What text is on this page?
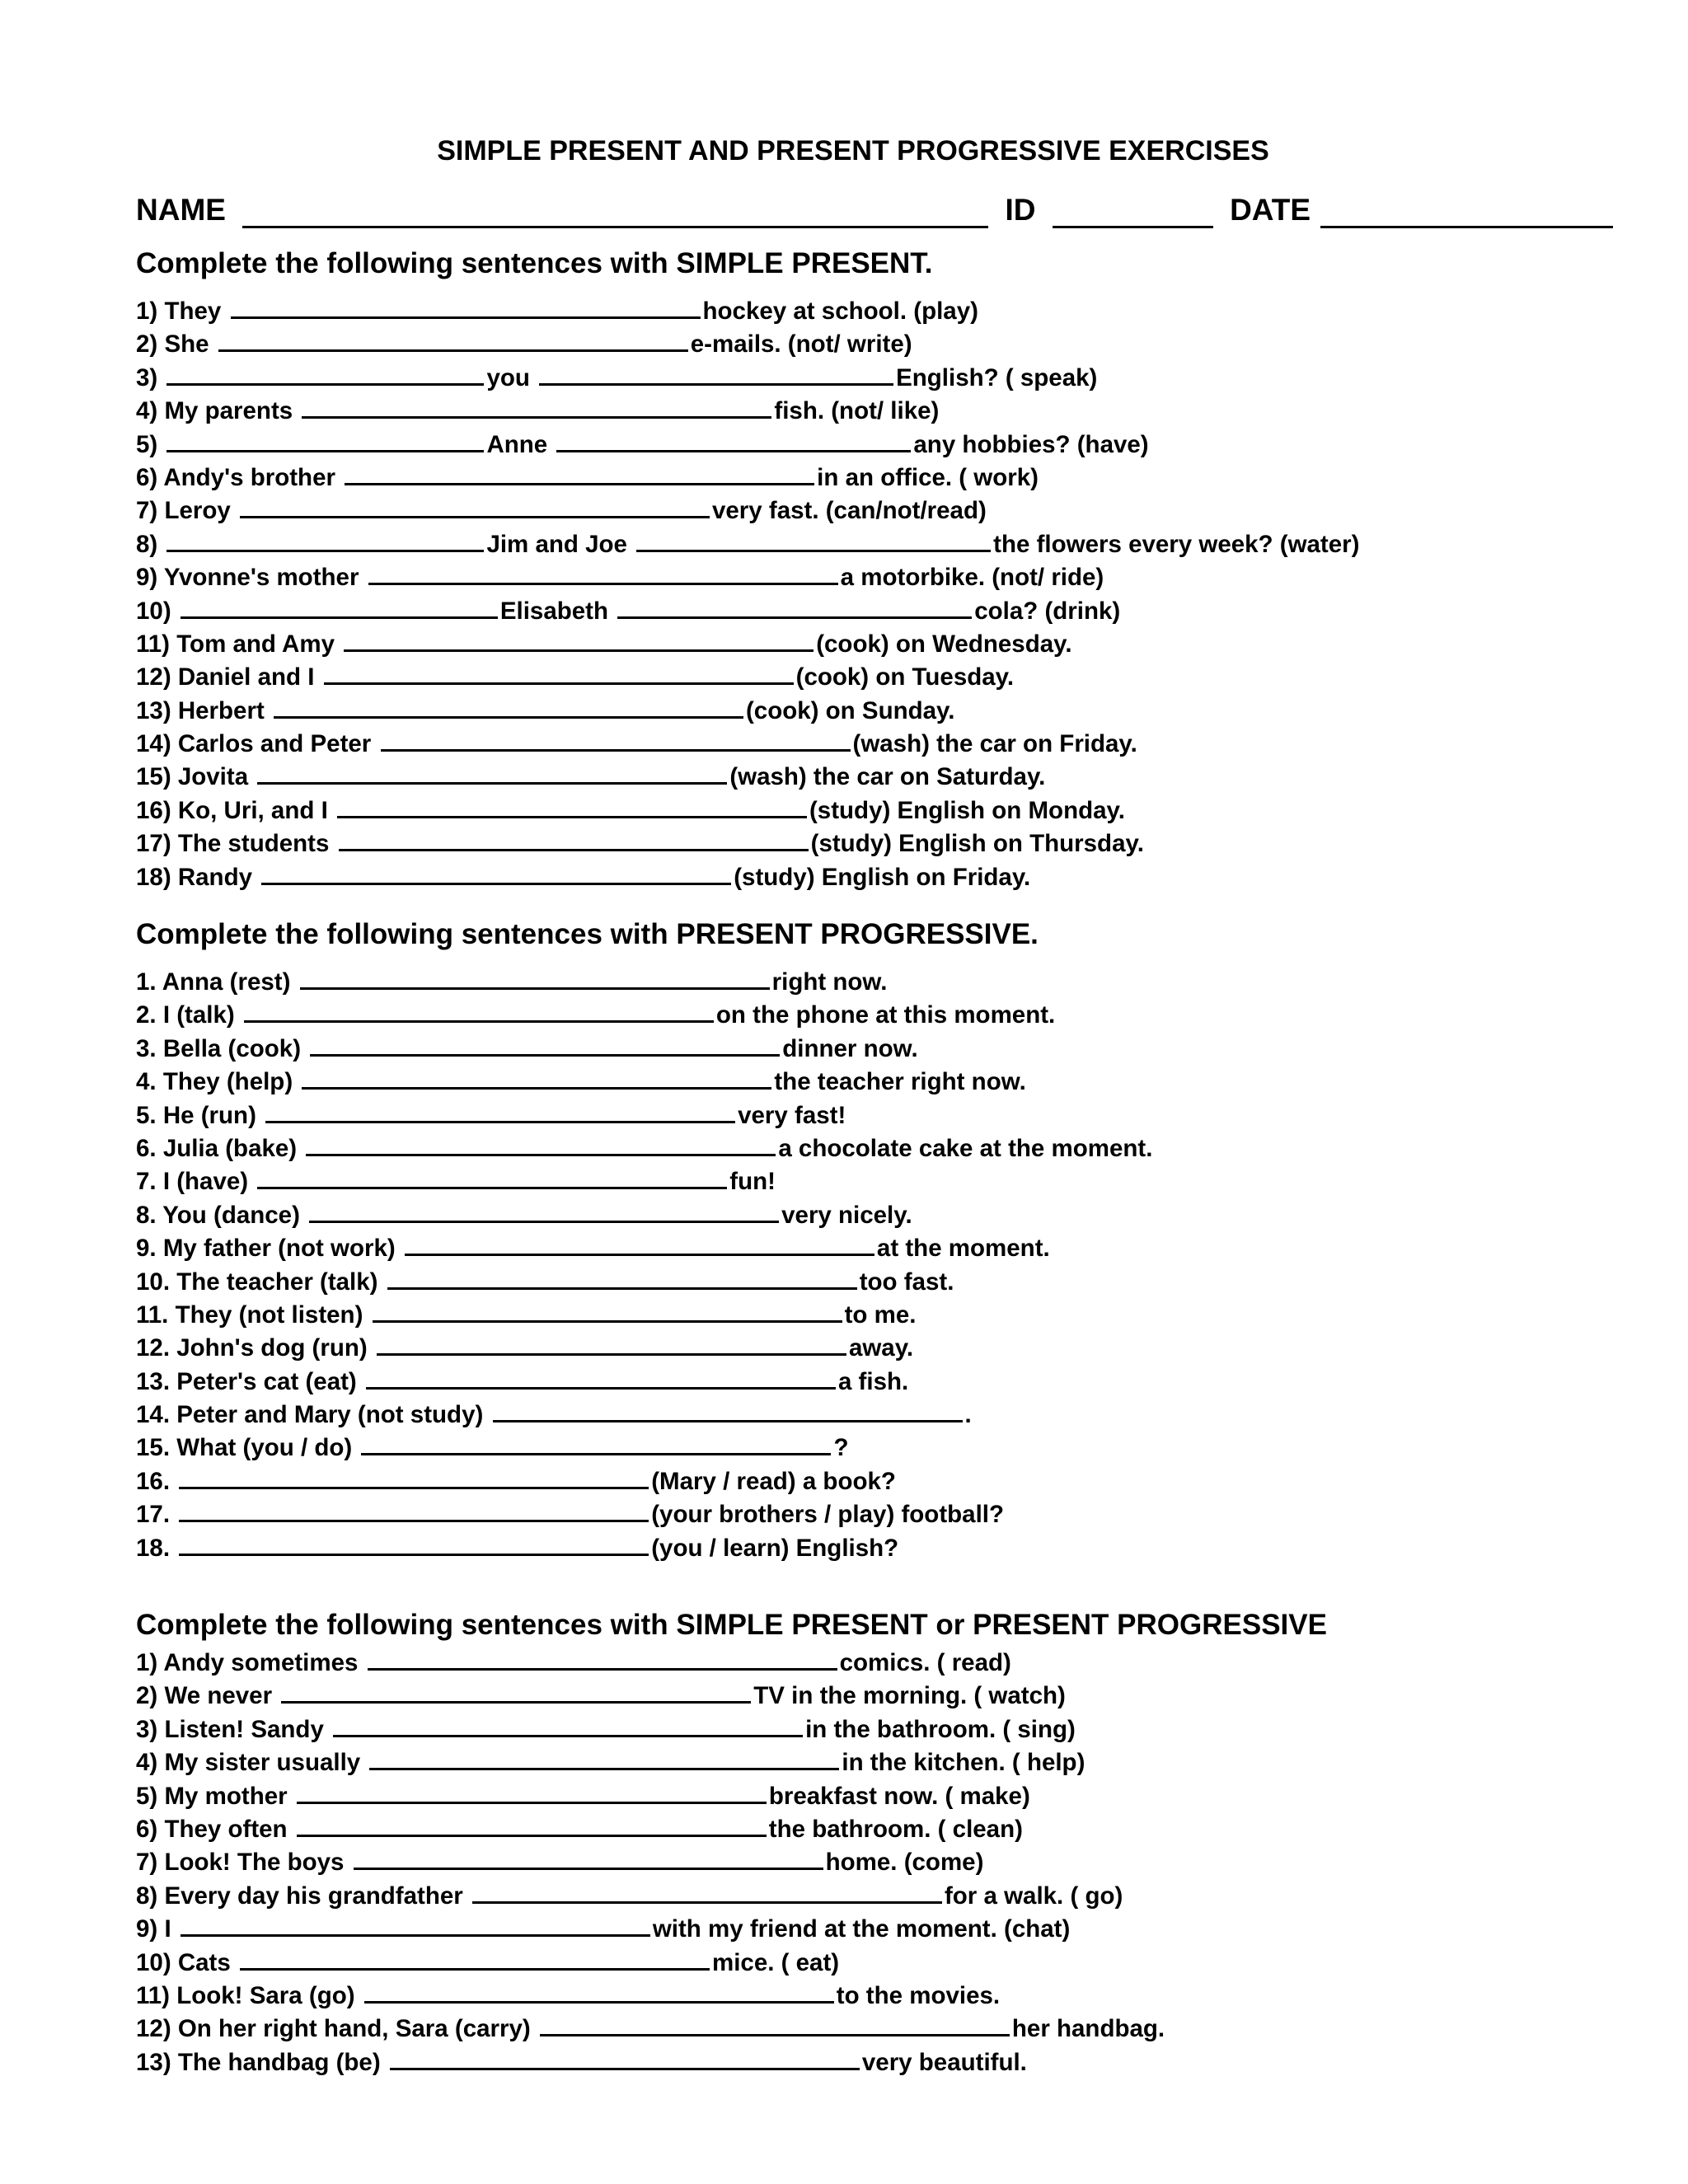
SIMPLE PRESENT AND PRESENT PROGRESSIVE EXERCISES
NAME	ID	DATE
Complete the following sentences with SIMPLE PRESENT.
1) They	hockey at school. (play)
2) She	e-mails. (not/ write)
3)	you	English? ( speak)
4) My parents	fish. (not/ like)
5)	Anne	any hobbies? (have)
6) Andy's brother	in an office. ( work)
7) Leroy	very fast. (can/not/read)
8)	Jim and Joe	the flowers every week? (water)
9) Yvonne's mother	a motorbike. (not/ ride)
10)	Elisabeth	cola? (drink)
11) Tom and Amy	(cook) on Wednesday.
12) Daniel and I	(cook) on Tuesday.
13) Herbert	(cook) on Sunday.
14) Carlos and Peter	(wash) the car on Friday.
15) Jovita	(wash) the car on Saturday.
16) Ko, Uri, and I	(study) English on Monday.
17) The students	(study) English on Thursday.
18) Randy	(study) English on Friday.
Complete the following sentences with PRESENT PROGRESSIVE.
1. Anna (rest)	right now.
2. I (talk)	on the phone at this moment.
3. Bella (cook)	dinner now.
4. They (help)	the teacher right now.
5. He (run)	very fast!
6. Julia (bake)	a chocolate cake at the moment.
7. I (have)	fun!
8. You (dance)	very nicely.
9. My father (not work)	at the moment.
10. The teacher (talk)	too fast.
11. They (not listen)	to me.
12. John's dog (run)	away.
13. Peter's cat (eat)	a fish.
14. Peter and Mary (not study)	.
15. What (you / do)	?
16.	(Mary / read) a book?
17.	(your brothers / play) football?
18.	(you / learn) English?
Complete the following sentences with SIMPLE PRESENT or PRESENT PROGRESSIVE
1) Andy sometimes	comics. ( read)
2) We never	TV in the morning. ( watch)
3) Listen! Sandy	in the bathroom. ( sing)
4) My sister usually	in the kitchen. ( help)
5) My mother	breakfast now. ( make)
6) They often	the bathroom. ( clean)
7) Look! The boys	home. (come)
8) Every day his grandfather	for a walk. ( go)
9) I	with my friend at the moment. (chat)
10) Cats	mice. ( eat)
11) Look! Sara (go)	to the movies.
12) On her right hand, Sara (carry)	her handbag.
13) The handbag (be)	very beautiful.
